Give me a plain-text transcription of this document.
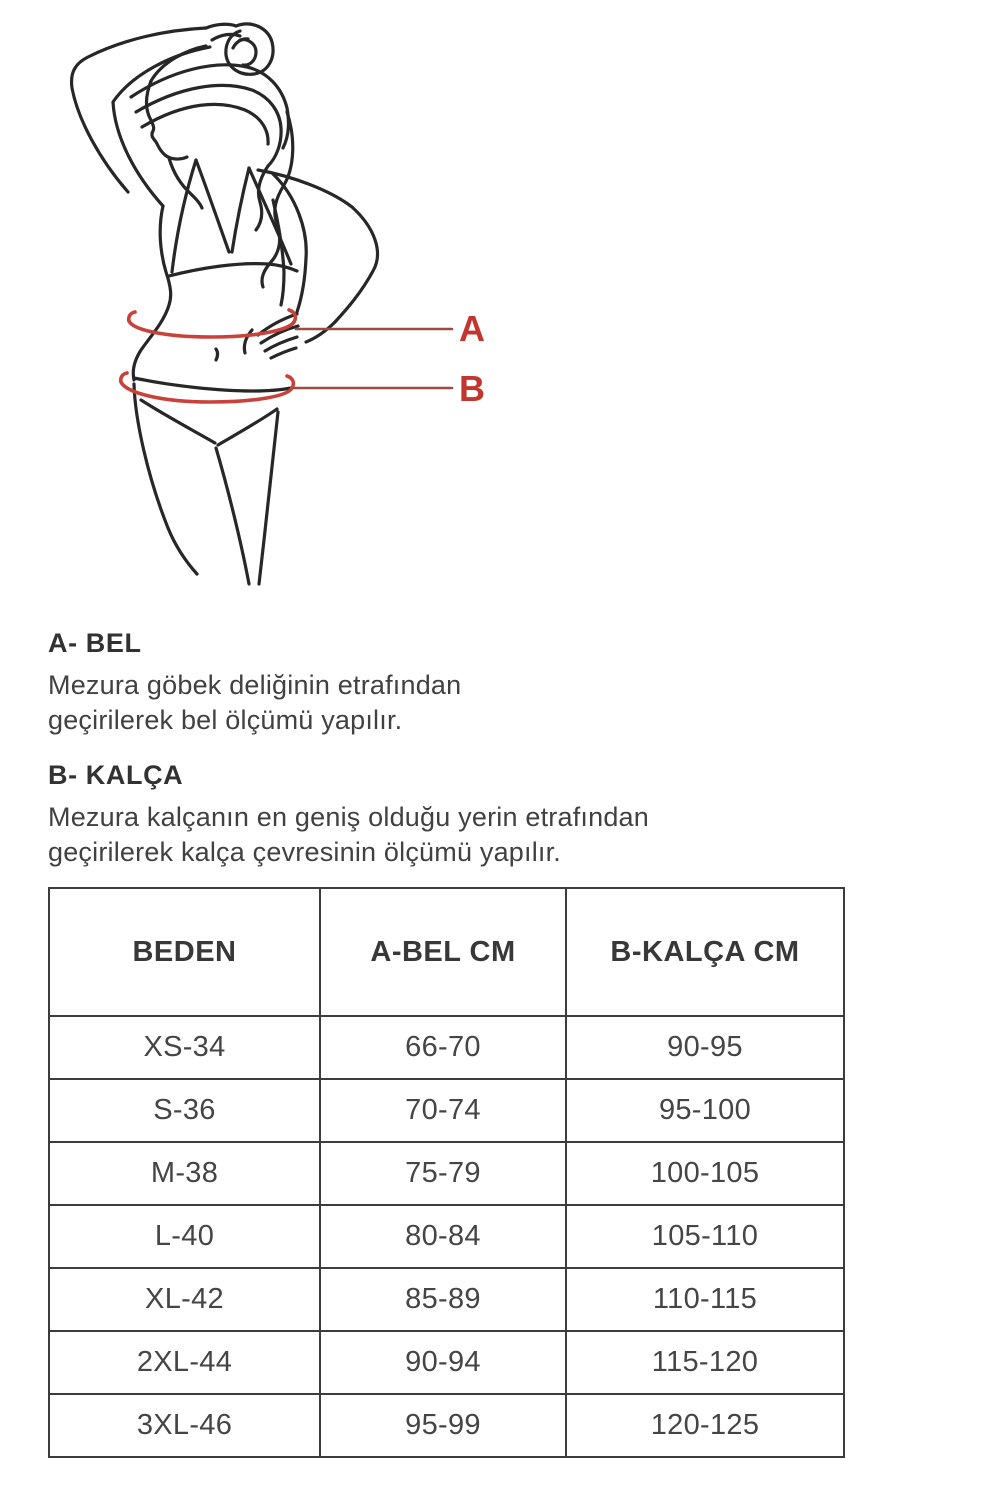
A
B
A- BEL

Mezura göbek deliğinin etrafından

geçirilerek bel ölçümü yapılır.

B- KALÇA

Mezura kalçanın en geniş olduğu yerin etrafından

geçirilerek kalça çevresinin ölçümü yapılır.

BEDEN	A-BEL CM	B-KALÇA CM
XS-34	66-70	90-95
S-36	70-74	95-100
M-38	75-79	100-105
L-40	80-84	105-110
XL-42	85-89	110-115
2XL-44	90-94	115-120
3XL-46	95-99	120-125
